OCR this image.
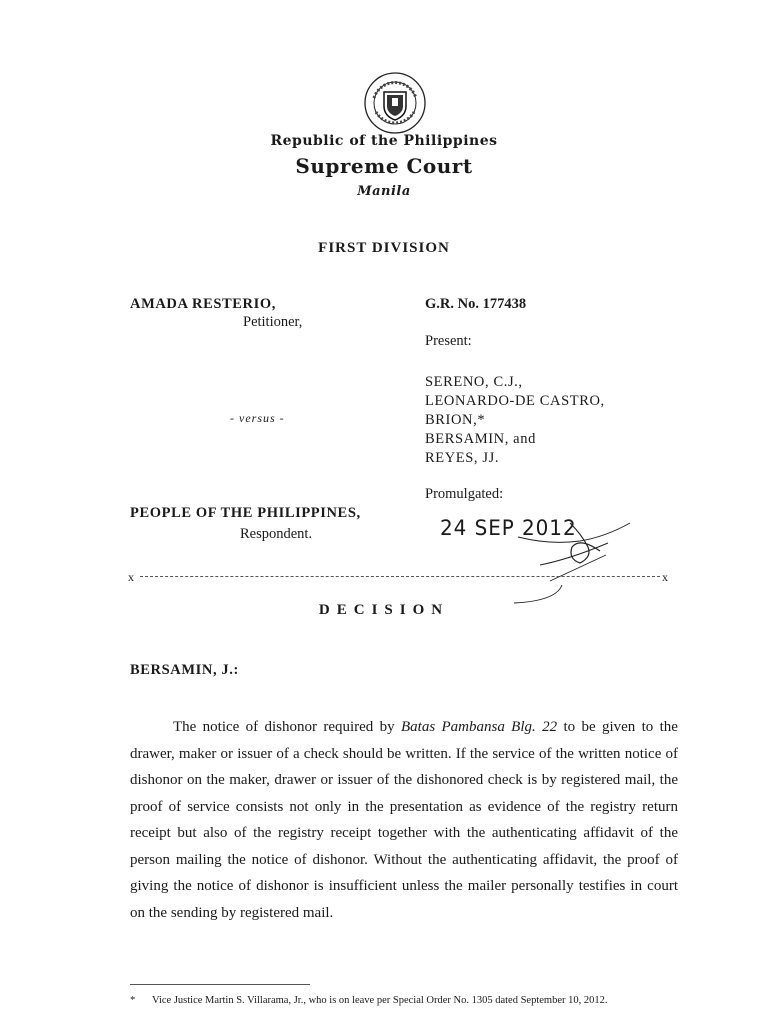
Republic of the Philippines
Supreme Court
Manila
FIRST DIVISION
AMADA RESTERIO,
Petitioner,
- versus -
PEOPLE OF THE PHILIPPINES,
Respondent.
G.R. No. 177438
Present:
SERENO, C.J.,
LEONARDO-DE CASTRO,
BRION,*
BERSAMIN, and
REYES, JJ.
Promulgated:
24 SEP 2012
x	x
DECISION
BERSAMIN, J.:

The notice of dishonor required by Batas Pambansa Blg. 22 to be given to the drawer, maker or issuer of a check should be written. If the service of the written notice of dishonor on the maker, drawer or issuer of the dishonored check is by registered mail, the proof of service consists not only in the presentation as evidence of the registry return receipt but also of the registry receipt together with the authenticating affidavit of the person mailing the notice of dishonor. Without the authenticating affidavit, the proof of giving the notice of dishonor is insufficient unless the mailer personally testifies in court on the sending by registered mail.

* Vice Justice Martin S. Villarama, Jr., who is on leave per Special Order No. 1305 dated September 10, 2012.
